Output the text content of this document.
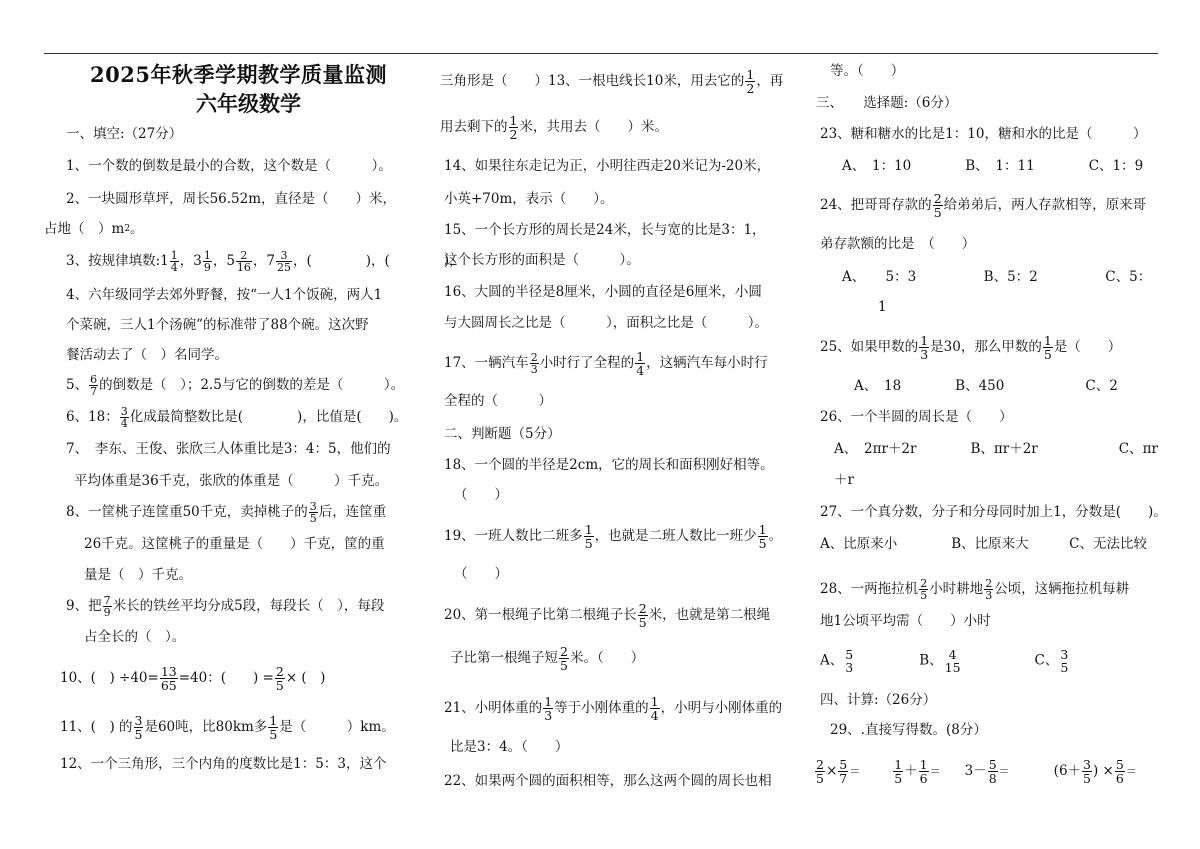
2025年秋季学期教学质量监测
六年级数学
一、填空:（27分）
1、一个数的倒数是最小的合数，这个数是（　　　）。
2、一块圆形草坪，周长56.52m，直径是（　　）米，
占地（　）$m^2$。
3、按规律填数:1 $\frac{1}{4}$ ，$3 \frac{1}{9}$ ，$5 \frac{2}{16}$ ，$7 \frac{3}{25}$ ，(　　　　)，(　　　　)，
4、六年级同学去郊外野餐，按“一人1个饭碗，两人1
个菜碗，三人1个汤碗”的标准带了88个碗。这次野
餐活动去了（　）名同学。
5、 $\frac{6}{7}$ 的倒数是（　）；2.5与它的倒数的差是（　　　）。
6、18： $\frac{3}{4}$ 化成最简整数比是(　　　　)，比值是(　　)。
7、　李东、王俊、张欣三人体重比是3：4：5，他们的
平均体重是36千克，张欣的体重是（　　　）千克。
8、一筐桃子连筐重50千克，卖掉桃子的 $\frac{3}{5}$ 后，连筐重
26千克。这筐桃子的重量是（　　）千克，筐的重
量是（　）千克。
9、把 $\frac{7}{9}$ 米长的铁丝平均分成5段，每段长（　），每段
占全长的（　）。
10、(　) $\div 40= \frac{13}{65} =40$：(　　) = $\frac{2}{5}$ × (　)
11、(　) 的 $\frac{3}{5}$ 是60吨，比80km多 $\frac{1}{5}$ 是（　　　）km。
12、一个三角形，三个内角的度数比是1：5：3，这个
三角形是（　　）13、一根电线长10米，用去它的 $\frac{1}{2}$ ，再
用去剩下的 $\frac{1}{2}$ 米，共用去（　　）米。
14、如果往东走记为正，小明往西走20米记为-20米，
小英+70m，表示（　　）。
15、一个长方形的周长是24米，长与宽的比是3：1，
这个长方形的面积是（　　　）。
16、大圆的半径是8厘米，小圆的直径是6厘米，小圆
与大圆周长之比是（　　　），面积之比是（　　　）。
17、一辆汽车 $\frac{2}{3}$ 小时行了全程的 $\frac{1}{4}$ ，这辆汽车每小时行
全程的（　　　）
二、判断题（5分）
18、一个圆的半径是2cm，它的周长和面积刚好相等。
（　　）
19、一班人数比二班多 $\frac{1}{5}$ ，也就是二班人数比一班少 $\frac{1}{5}$ 。
（　　）
20、第一根绳子比第二根绳子长 $\frac{2}{5}$ 米，也就是第二根绳
子比第一根绳子短 $\frac{2}{5}$ 米。（　　）
21、小明体重的 $\frac{1}{3}$ 等于小刚体重的 $\frac{1}{4}$ ，小明与小刚体重的
比是3：4。（　　）
22、如果两个圆的面积相等，那么这两个圆的周长也相
等。（　　）
三、　　选择题:（6分）
23、糖和糖水的比是1：10，糖和水的比是（　　　）
A、　1：10　　　　B、　1：11　　　　C、1：9
24、把哥哥存款的 $\frac{2}{5}$ 给弟弟后，两人存款相等，原来哥
弟存款额的比是　（　　）
A、　　5：3　　　　　B、5：2　　　　　C、5：
1
25、如果甲数的 $\frac{1}{3}$ 是30，那么甲数的 $\frac{1}{5}$ 是（　　）
A、　18　　　　B、450　　　　　　C、2
26、一个半圆的周长是（　　）
A、　2πr＋2r　　　　B、πr＋2r　　　　　　C、πr
＋r
27、一个真分数，分子和分母同时加上1，分数是(　　)。
A、比原来小　　　　B、比原来大　　　C、无法比较
28、一两拖拉机 $\frac{2}{5}$ 小时耕地 $\frac{2}{3}$ 公顷，这辆拖拉机每耕
地1公顷平均需（　　）小时
A、 5
3	B、 4
15	C、 3
5
四、计算:（26分）
29、.直接写得数。(8分）
$\frac{2}{5} \times \frac{5}{7}$ ＝	$\frac{1}{5} + \frac{1}{6} = 3- \frac{5}{8}$ ＝	($6+ \frac{3}{5}$ ) × $\frac{5}{6}$ ＝
